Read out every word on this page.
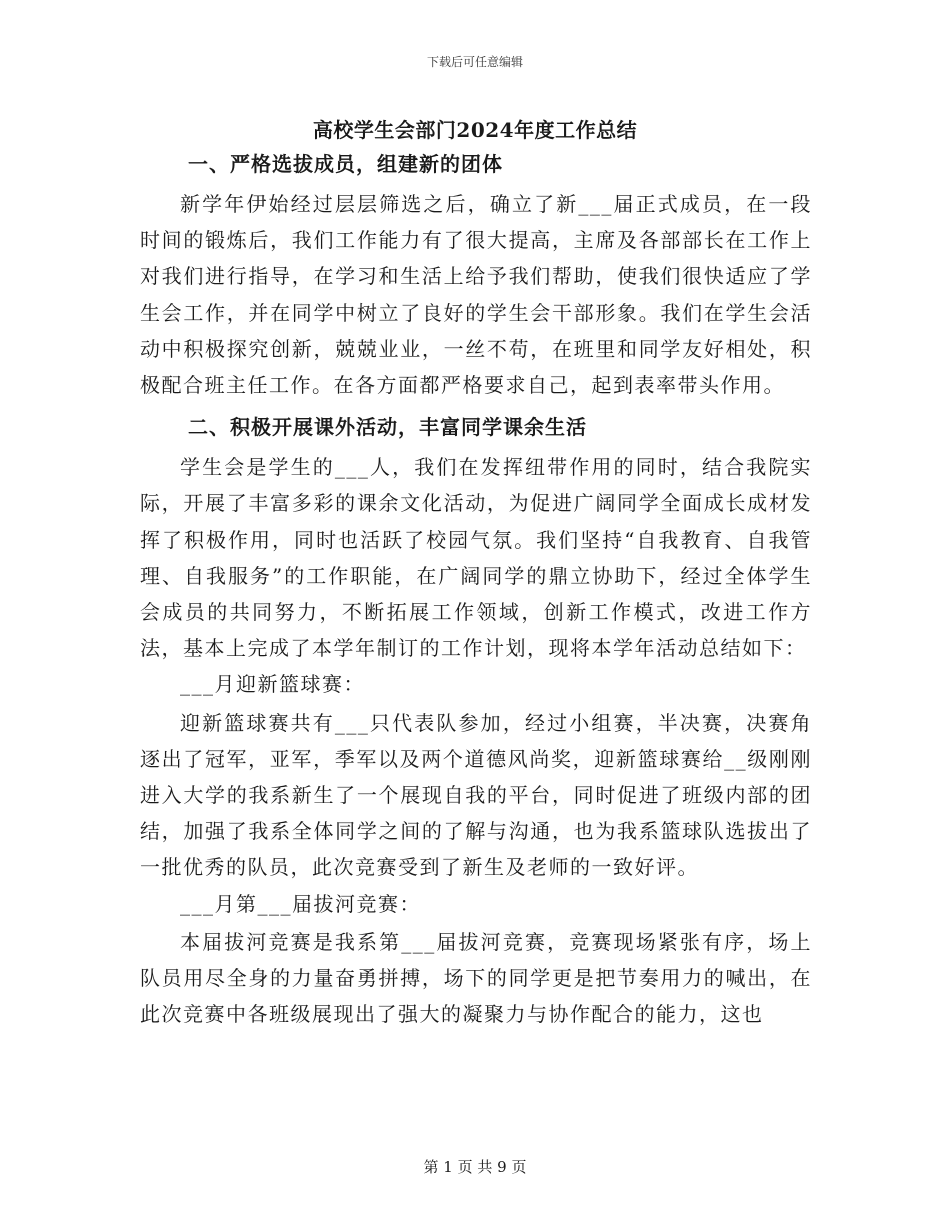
下载后可任意编辑
高校学生会部门2024年度工作总结
一、严格选拔成员，组建新的团体

新学年伊始经过层层筛选之后，确立了新___届正式成员，在一段时间的锻炼后，我们工作能力有了很大提高，主席及各部部长在工作上对我们进行指导，在学习和生活上给予我们帮助，使我们很快适应了学生会工作，并在同学中树立了良好的学生会干部形象。我们在学生会活动中积极探究创新，兢兢业业，一丝不苟，在班里和同学友好相处，积极配合班主任工作。在各方面都严格要求自己，起到表率带头作用。

二、积极开展课外活动，丰富同学课余生活

学生会是学生的___人，我们在发挥纽带作用的同时，结合我院实际，开展了丰富多彩的课余文化活动，为促进广阔同学全面成长成材发挥了积极作用，同时也活跃了校园气氛。我们坚持“自我教育、自我管理、自我服务”的工作职能，在广阔同学的鼎立协助下，经过全体学生会成员的共同努力，不断拓展工作领域，创新工作模式，改进工作方法，基本上完成了本学年制订的工作计划，现将本学年活动总结如下：

___月迎新篮球赛：

迎新篮球赛共有___只代表队参加，经过小组赛，半决赛，决赛角逐出了冠军，亚军，季军以及两个道德风尚奖，迎新篮球赛给__级刚刚进入大学的我系新生了一个展现自我的平台，同时促进了班级内部的团结，加强了我系全体同学之间的了解与沟通，也为我系篮球队选拔出了一批优秀的队员，此次竞赛受到了新生及老师的一致好评。

___月第___届拔河竞赛：

本届拔河竞赛是我系第___届拔河竞赛，竞赛现场紧张有序，场上队员用尽全身的力量奋勇拼搏，场下的同学更是把节奏用力的喊出，在此次竞赛中各班级展现出了强大的凝聚力与协作配合的能力，这也

第 1 页 共 9 页
